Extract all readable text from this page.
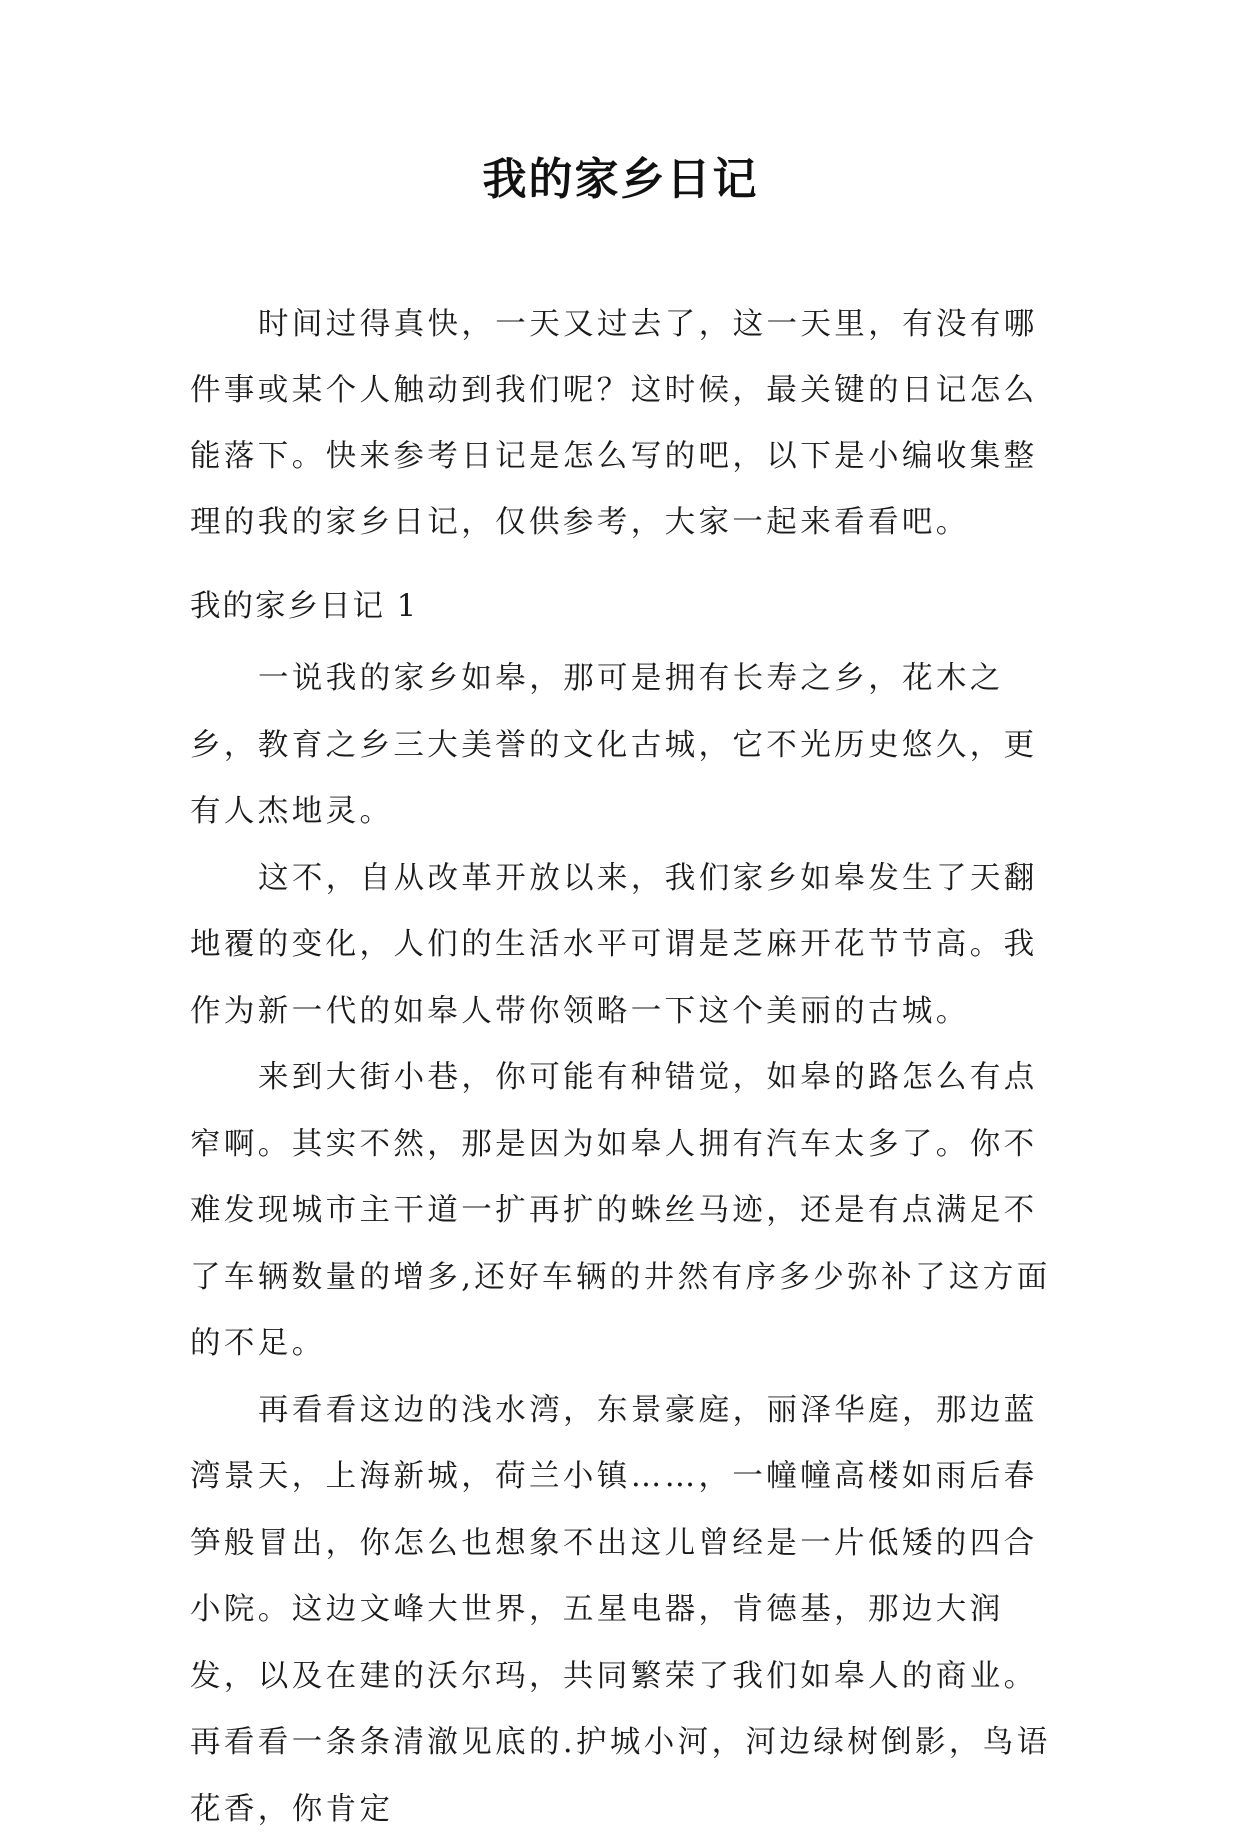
我的家乡日记
时间过得真快，一天又过去了，这一天里，有没有哪件事或某个人触动到我们呢？这时候，最关键的日记怎么能落下。快来参考日记是怎么写的吧，以下是小编收集整理的我的家乡日记，仅供参考，大家一起来看看吧。
我的家乡日记 1

一说我的家乡如皋，那可是拥有长寿之乡，花木之乡，教育之乡三大美誉的文化古城，它不光历史悠久，更有人杰地灵。

这不，自从改革开放以来，我们家乡如皋发生了天翻地覆的变化，人们的生活水平可谓是芝麻开花节节高。我作为新一代的如皋人带你领略一下这个美丽的古城。

来到大街小巷，你可能有种错觉，如皋的路怎么有点窄啊。其实不然，那是因为如皋人拥有汽车太多了。你不难发现城市主干道一扩再扩的蛛丝马迹，还是有点满足不了车辆数量的增多,还好车辆的井然有序多少弥补了这方面的不足。

再看看这边的浅水湾，东景豪庭，丽泽华庭，那边蓝湾景天，上海新城，荷兰小镇……，一幢幢高楼如雨后春笋般冒出，你怎么也想象不出这儿曾经是一片低矮的四合小院。这边文峰大世界，五星电器，肯德基，那边大润发，以及在建的沃尔玛，共同繁荣了我们如皋人的商业。再看看一条条清澈见底的.护城小河，河边绿树倒影，鸟语花香，你肯定
